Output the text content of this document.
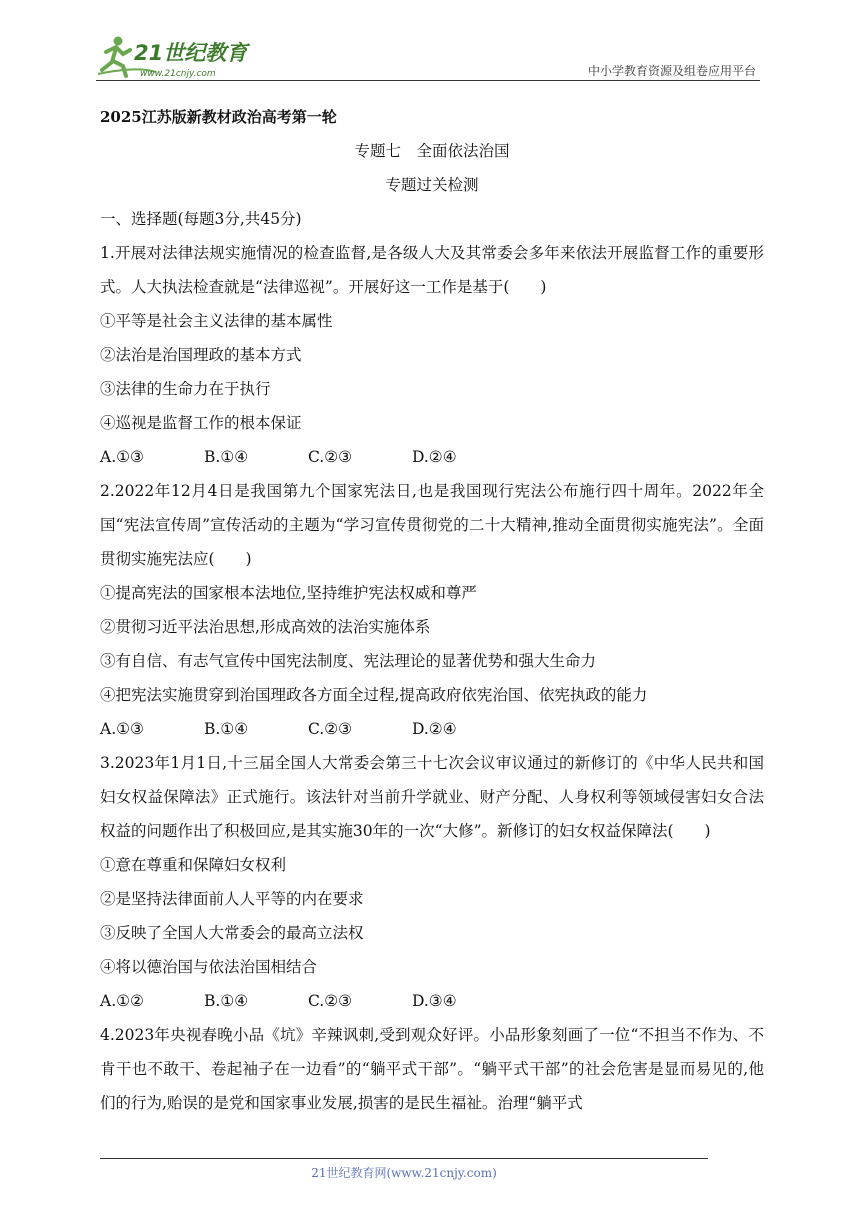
21世纪教育
www.21cnjy.com	中小学教育资源及组卷应用平台
2025江苏版新教材政治高考第一轮
专题七　全面依法治国
专题过关检测
一、选择题(每题3分,共45分)
1.开展对法律法规实施情况的检查监督,是各级人大及其常委会多年来依法开展监督工作的重要形式。人大执法检查就是“法律巡视”。开展好这一工作是基于(　　)
①平等是社会主义法律的基本属性
②法治是治国理政的基本方式
③法律的生命力在于执行
④巡视是监督工作的根本保证
A.①③	B.①④	C.②③	D.②④
2.2022年12月4日是我国第九个国家宪法日,也是我国现行宪法公布施行四十周年。2022年全国“宪法宣传周”宣传活动的主题为“学习宣传贯彻党的二十大精神,推动全面贯彻实施宪法”。全面贯彻实施宪法应(　　)
①提高宪法的国家根本法地位,坚持维护宪法权威和尊严
②贯彻习近平法治思想,形成高效的法治实施体系
③有自信、有志气宣传中国宪法制度、宪法理论的显著优势和强大生命力
④把宪法实施贯穿到治国理政各方面全过程,提高政府依宪治国、依宪执政的能力
A.①③	B.①④	C.②③	D.②④
3.2023年1月1日,十三届全国人大常委会第三十七次会议审议通过的新修订的《中华人民共和国妇女权益保障法》正式施行。该法针对当前升学就业、财产分配、人身权利等领域侵害妇女合法权益的问题作出了积极回应,是其实施30年的一次“大修”。新修订的妇女权益保障法(　　)
①意在尊重和保障妇女权利
②是坚持法律面前人人平等的内在要求
③反映了全国人大常委会的最高立法权
④将以德治国与依法治国相结合
A.①②	B.①④	C.②③	D.③④
4.2023年央视春晚小品《坑》辛辣讽刺,受到观众好评。小品形象刻画了一位“不担当不作为、不肯干也不敢干、卷起袖子在一边看”的“躺平式干部”。“躺平式干部”的社会危害是显而易见的,他们的行为,贻误的是党和国家事业发展,损害的是民生福祉。治理“躺平式
21世纪教育网(www.21cnjy.com)
